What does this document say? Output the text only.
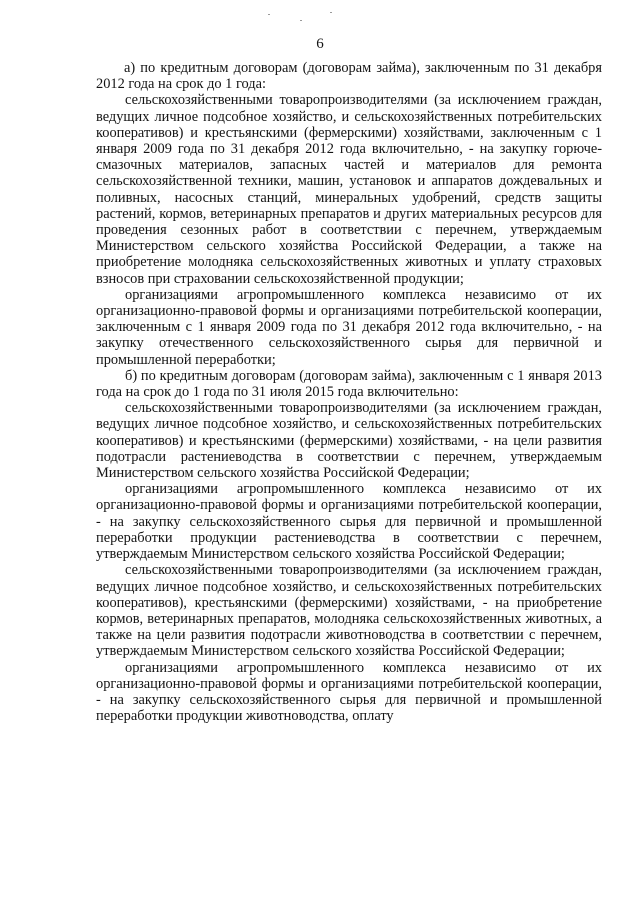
6

а) по кредитным договорам (договорам займа), заключенным по 31 декабря 2012 года на срок до 1 года:

сельскохозяйственными товаропроизводителями (за исключением граждан, ведущих личное подсобное хозяйство, и сельскохозяйственных потребительских кооперативов) и крестьянскими (фермерскими) хозяйствами, заключенным с 1 января 2009 года по 31 декабря 2012 года включительно, - на закупку горюче-смазочных материалов, запасных частей и материалов для ремонта сельскохозяйственной техники, машин, установок и аппаратов дождевальных и поливных, насосных станций, минеральных удобрений, средств защиты растений, кормов, ветеринарных препаратов и других материальных ресурсов для проведения сезонных работ в соответствии с перечнем, утверждаемым Министерством сельского хозяйства Российской Федерации, а также на приобретение молодняка сельскохозяйственных животных и уплату страховых взносов при страховании сельскохозяйственной продукции;

организациями агропромышленного комплекса независимо от их организационно-правовой формы и организациями потребительской кооперации, заключенным с 1 января 2009 года по 31 декабря 2012 года включительно, - на закупку отечественного сельскохозяйственного сырья для первичной и промышленной переработки;

б) по кредитным договорам (договорам займа), заключенным с 1 января 2013 года на срок до 1 года по 31 июля 2015 года включительно:

сельскохозяйственными товаропроизводителями (за исключением граждан, ведущих личное подсобное хозяйство, и сельскохозяйственных потребительских кооперативов) и крестьянскими (фермерскими) хозяйствами, - на цели развития подотрасли растениеводства в соответствии с перечнем, утверждаемым Министерством сельского хозяйства Российской Федерации;

организациями агропромышленного комплекса независимо от их организационно-правовой формы и организациями потребительской кооперации, - на закупку сельскохозяйственного сырья для первичной и промышленной переработки продукции растениеводства в соответствии с перечнем, утверждаемым Министерством сельского хозяйства Российской Федерации;

сельскохозяйственными товаропроизводителями (за исключением граждан, ведущих личное подсобное хозяйство, и сельскохозяйственных потребительских кооперативов), крестьянскими (фермерскими) хозяйствами, - на приобретение кормов, ветеринарных препаратов, молодняка сельскохозяйственных животных, а также на цели развития подотрасли животноводства в соответствии с перечнем, утверждаемым Министерством сельского хозяйства Российской Федерации;

организациями агропромышленного комплекса независимо от их организационно-правовой формы и организациями потребительской кооперации, - на закупку сельскохозяйственного сырья для первичной и промышленной переработки продукции животноводства, оплату
